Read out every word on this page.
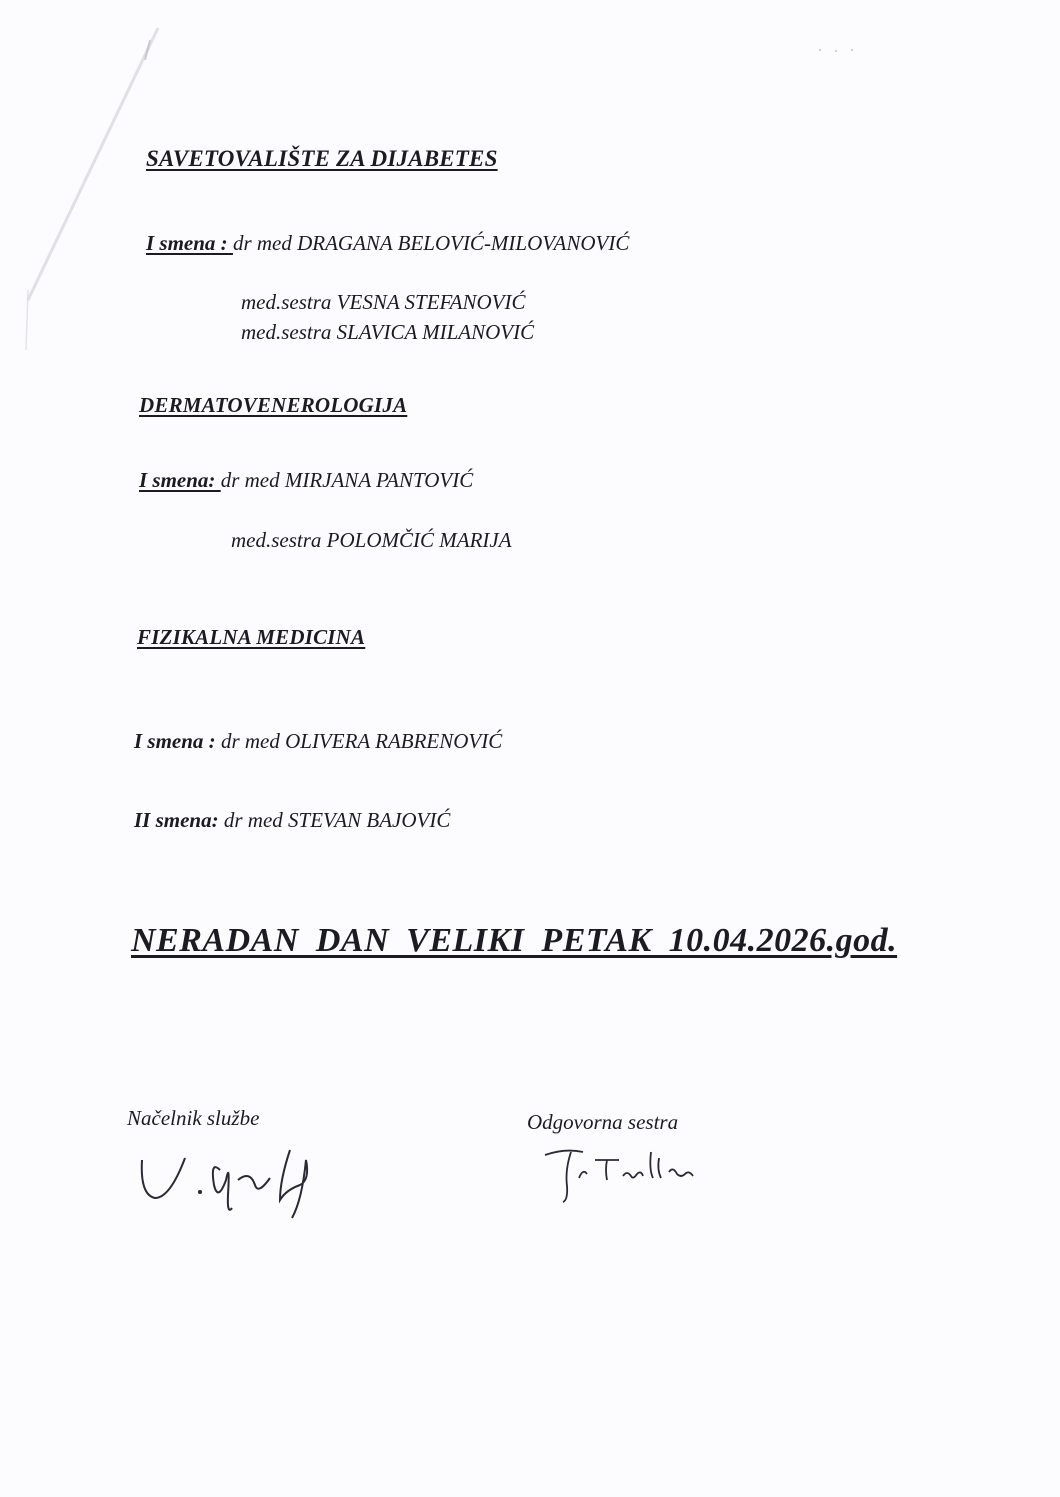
SAVETOVALIŠTE ZA DIJABETES
I smena : dr med DRAGANA BELOVIĆ-MILOVANOVIĆ
med.sestra VESNA STEFANOVIĆ
med.sestra SLAVICA MILANOVIĆ
DERMATOVENEROLOGIJA
I smena: dr med MIRJANA PANTOVIĆ
med.sestra POLOMČIĆ MARIJA
FIZIKALNA MEDICINA
I smena : dr med OLIVERA RABRENOVIĆ
II smena: dr med STEVAN BAJOVIĆ
NERADAN DAN VELIKI PETAK 10.04.2026.god.
Načelnik službe	Odgovorna sestra
